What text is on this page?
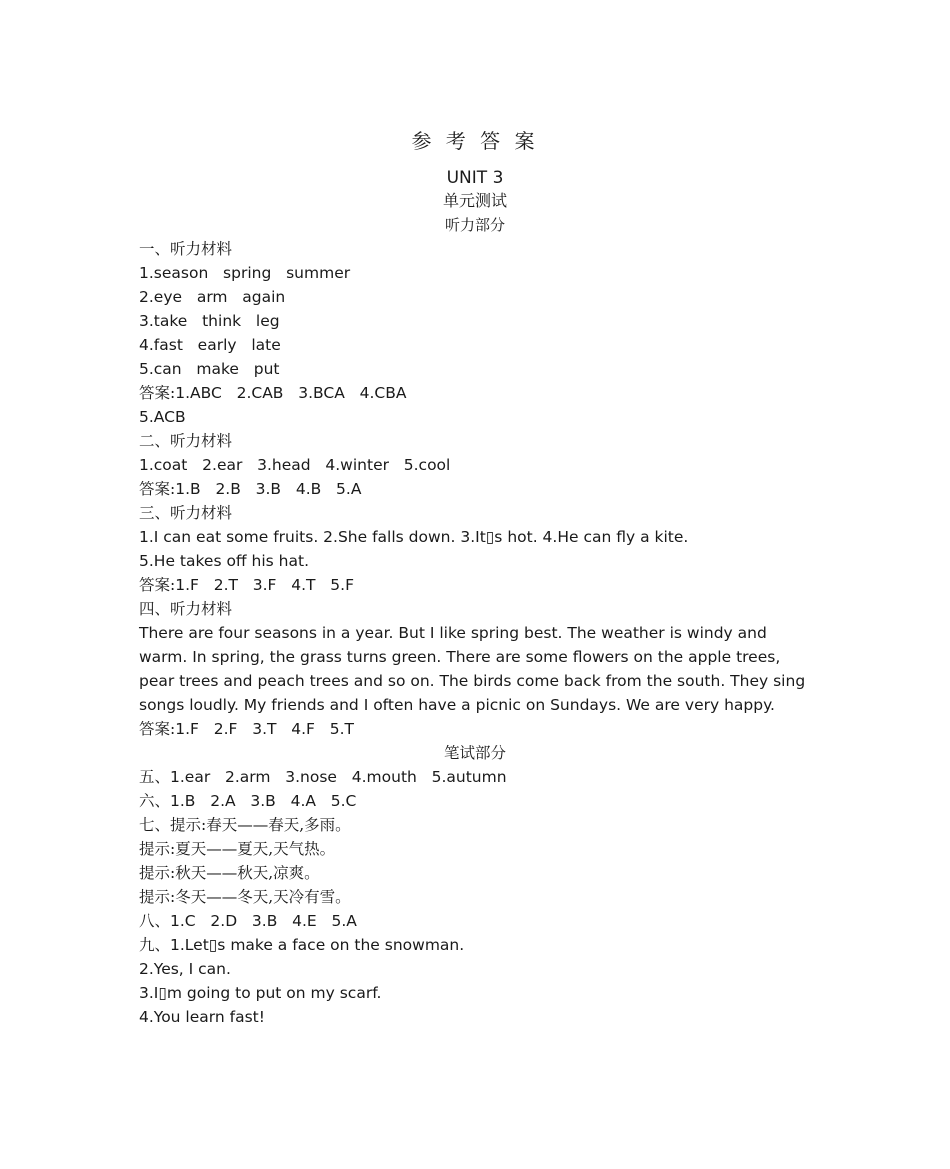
参 考 答 案
UNIT 3
单元测试
听力部分
一、听力材料
1.season   spring   summer
2.eye   arm   again
3.take   think   leg
4.fast   early   late
5.can   make   put
答案:1.ABC   2.CAB   3.BCA   4.CBA
5.ACB
二、听力材料
1.coat   2.ear   3.head   4.winter   5.cool
答案:1.B   2.B   3.B   4.B   5.A
三、听力材料
1.I can eat some fruits. 2.She falls down. 3.It▯s hot. 4.He can fly a kite.
5.He takes off his hat.
答案:1.F   2.T   3.F   4.T   5.F
四、听力材料
There are four seasons in a year. But I like spring best. The weather is windy and warm. In spring, the grass turns green. There are some flowers on the apple trees, pear trees and peach trees and so on. The birds come back from the south. They sing songs loudly. My friends and I often have a picnic on Sundays. We are very happy.
答案:1.F   2.F   3.T   4.F   5.T
笔试部分
五、1.ear   2.arm   3.nose   4.mouth   5.autumn
六、1.B   2.A   3.B   4.A   5.C
七、提示:春天——春天,多雨。
提示:夏天——夏天,天气热。
提示:秋天——秋天,凉爽。
提示:冬天——冬天,天冷有雪。
八、1.C   2.D   3.B   4.E   5.A
九、1.Let▯s make a face on the snowman.
2.Yes, I can.
3.I▯m going to put on my scarf.
4.You learn fast!
